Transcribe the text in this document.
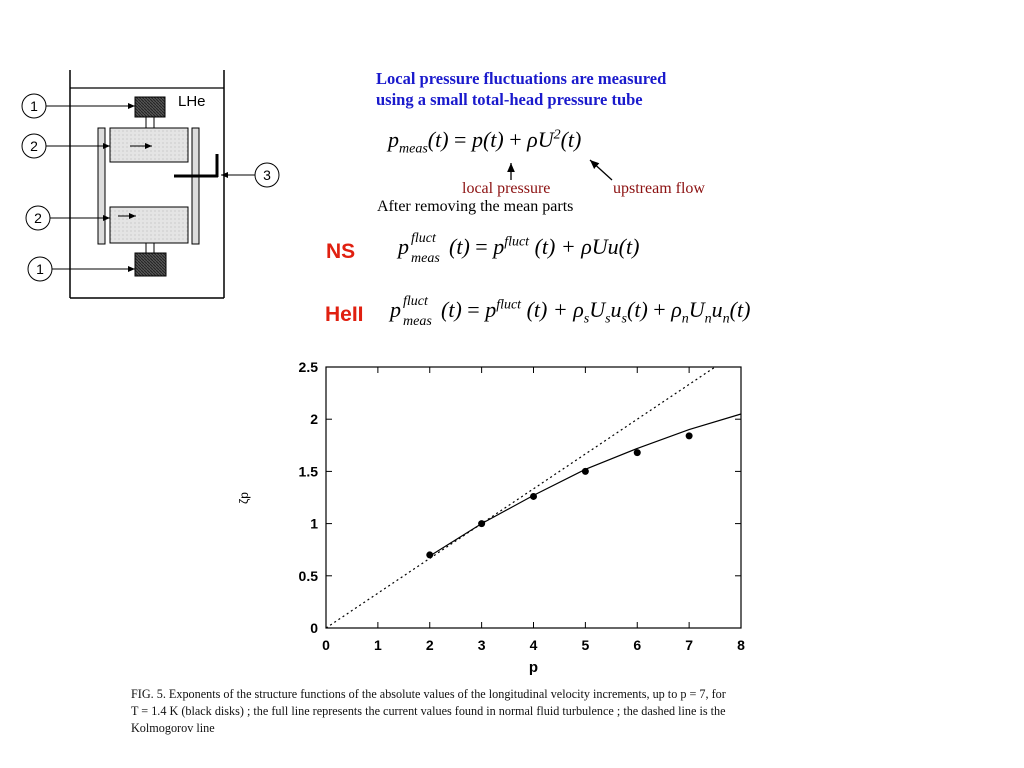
1
2
3
2
1
LHe
Local pressure fluctuations are measured
using a small total-head pressure tube
$p_{meas}(t) = p(t) + \rho U^2(t)$
local pressure	upstream flow
After removing the mean parts
NS p fluct
meas $(t) = p^{fluct}$ (t) + ρUu(t)
HeII p fluct
meas $(t) = p^{fluct}$ $(t) + \rho_sU_su_s(t) + \rho_nU_nu_n(t)$
0	1	2	3	4	5	6	7	8
0
0.5
1
1.5
2
2.5
p
ζp
FIG. 5. Exponents of the structure functions of the absolute values of the longitudinal velocity increments, up to p = 7, for
T = 1.4 K (black disks) ; the full line represents the current values found in normal fluid turbulence ; the dashed line is the
Kolmogorov line
